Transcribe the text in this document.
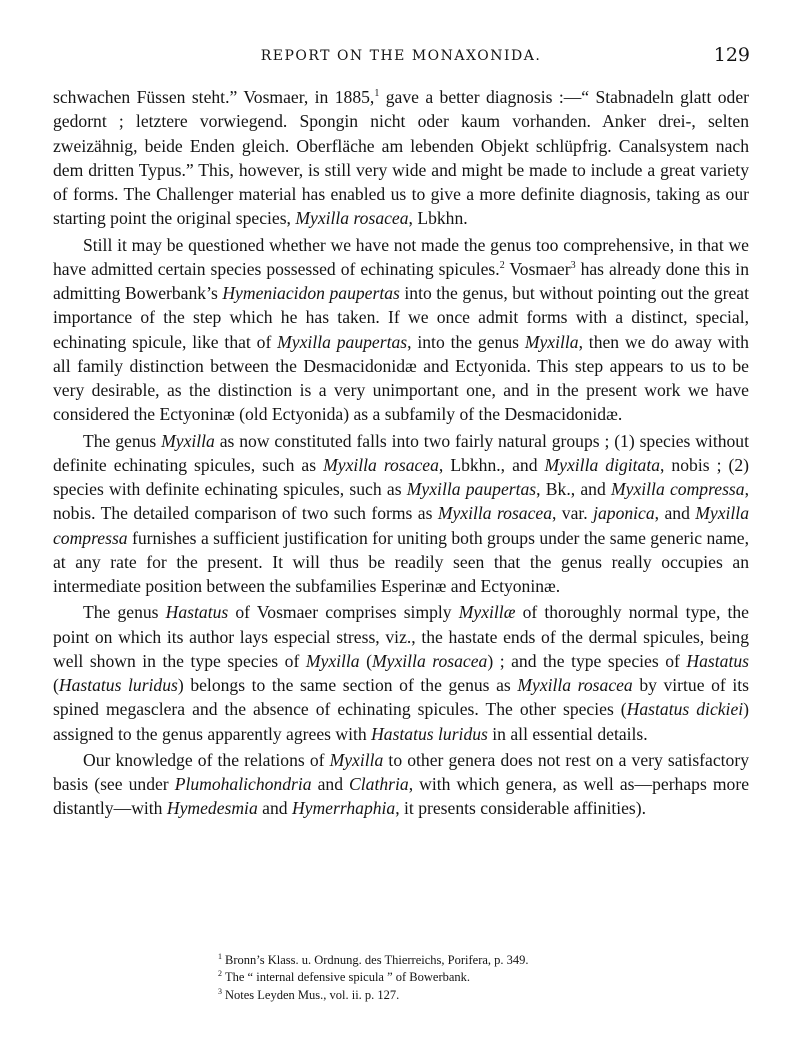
REPORT ON THE MONAXONIDA.	129

schwachen Füssen steht.” Vosmaer, in 1885,$^1$ gave a better diagnosis :—“ Stabnadeln glatt oder gedornt ; letztere vorwiegend. Spongin nicht oder kaum vorhanden. Anker drei-, selten zweizähnig, beide Enden gleich. Oberfläche am lebenden Objekt schlüpfrig. Canalsystem nach dem dritten Typus.” This, however, is still very wide and might be made to include a great variety of forms. The Challenger material has enabled us to give a more definite diagnosis, taking as our starting point the original species, Myxilla rosacea, Lbkhn.

Still it may be questioned whether we have not made the genus too comprehensive, in that we have admitted certain species possessed of echinating spicules.$^2$ Vosmaer$^3$ has already done this in admitting Bowerbank’s Hymeniacidon paupertas into the genus, but without pointing out the great importance of the step which he has taken. If we once admit forms with a distinct, special, echinating spicule, like that of Myxilla paupertas, into the genus Myxilla, then we do away with all family distinction between the Desmacidonidæ and Ectyonida. This step appears to us to be very desirable, as the distinction is a very unimportant one, and in the present work we have considered the Ectyoninæ (old Ectyonida) as a subfamily of the Desmacidonidæ.

The genus Myxilla as now constituted falls into two fairly natural groups ; (1) species without definite echinating spicules, such as Myxilla rosacea, Lbkhn., and Myxilla digitata, nobis ; (2) species with definite echinating spicules, such as Myxilla paupertas, Bk., and Myxilla compressa, nobis. The detailed comparison of two such forms as Myxilla rosacea, var. japonica, and Myxilla compressa furnishes a sufficient justification for uniting both groups under the same generic name, at any rate for the present. It will thus be readily seen that the genus really occupies an intermediate position between the subfamilies Esperinæ and Ectyoninæ.

The genus Hastatus of Vosmaer comprises simply Myxillæ of thoroughly normal type, the point on which its author lays especial stress, viz., the hastate ends of the dermal spicules, being well shown in the type species of Myxilla (Myxilla rosacea) ; and the type species of Hastatus (Hastatus luridus) belongs to the same section of the genus as Myxilla rosacea by virtue of its spined megasclera and the absence of echinating spicules. The other species (Hastatus dickiei) assigned to the genus apparently agrees with Hastatus luridus in all essential details.

Our knowledge of the relations of Myxilla to other genera does not rest on a very satisfactory basis (see under Plumohalichondria and Clathria, with which genera, as well as—perhaps more distantly—with Hymedesmia and Hymerrhaphia, it presents considerable affinities).

$^1$ Bronn’s Klass. u. Ordnung. des Thierreichs, Porifera, p. 349.
$^2$ The “ internal defensive spicula ” of Bowerbank.
$^3$ Notes Leyden Mus., vol. ii. p. 127.
